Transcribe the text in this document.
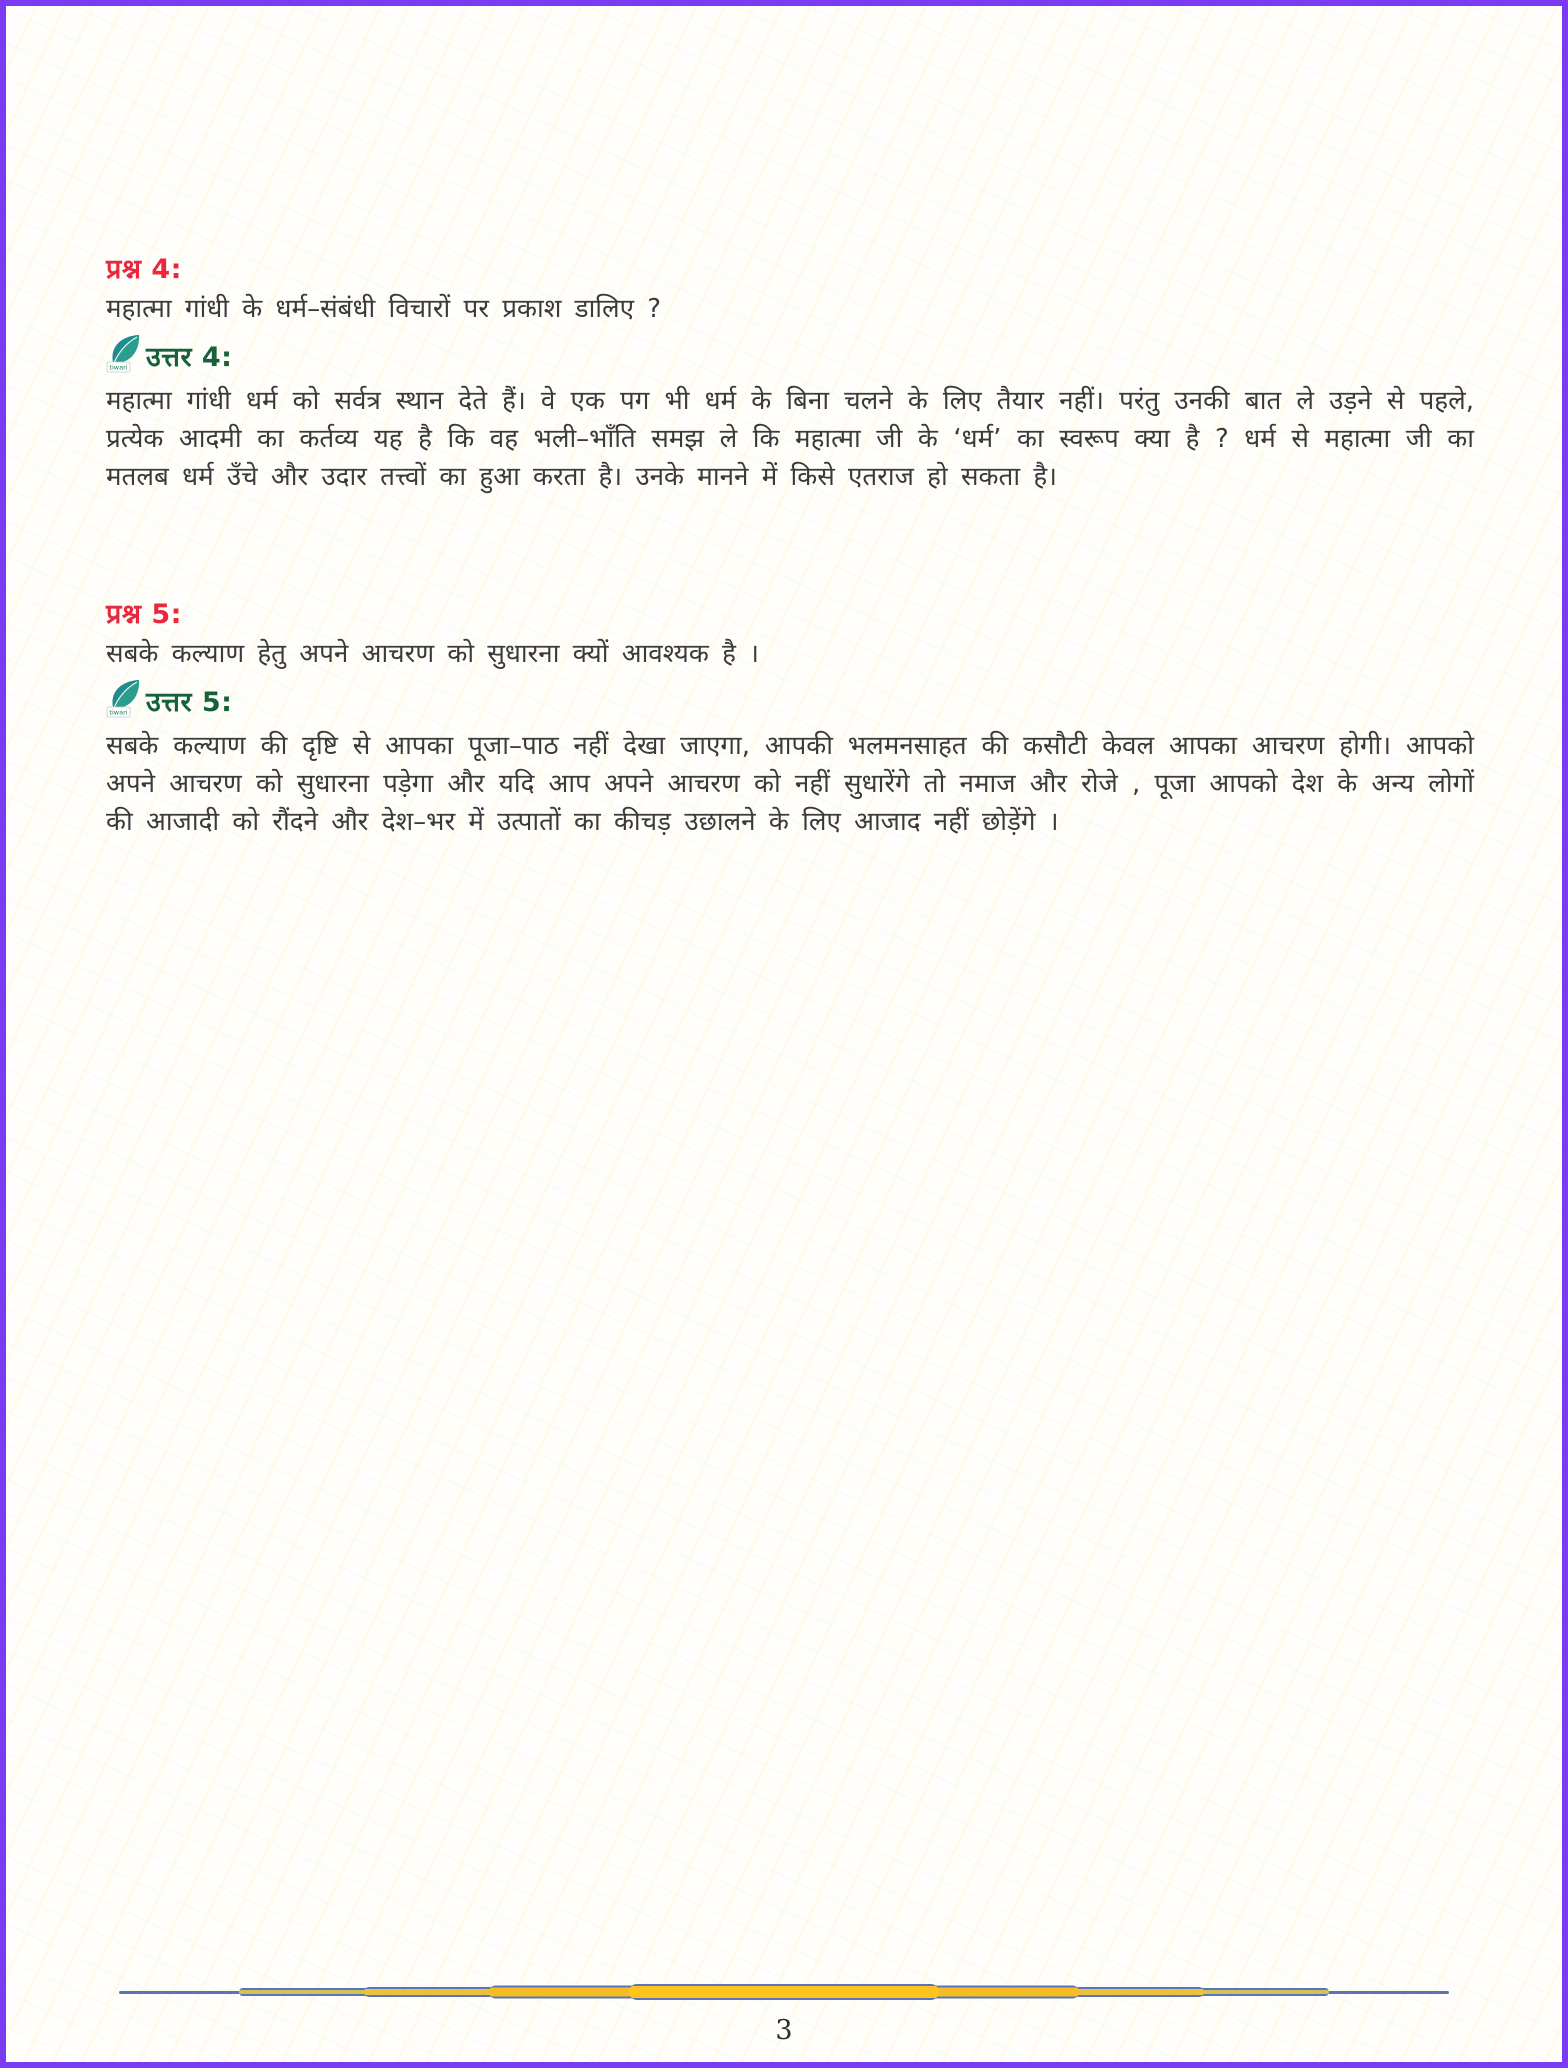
प्रश्न 4:

महात्मा गांधी के धर्म–संबंधी विचारों पर प्रकाश डालिए ?

tiwari उत्तर 4:

महात्मा गांधी धर्म को सर्वत्र स्थान देते हैं। वे एक पग भी धर्म के बिना चलने के लिए तैयार नहीं। परंतु उनकी बात ले उड़ने से पहले, प्रत्येक आदमी का कर्तव्य यह है कि वह भली–भाँति समझ ले कि महात्मा जी के ‘धर्म’ का स्वरूप क्या है ? धर्म से महात्मा जी का मतलब धर्म उँचे और उदार तत्त्वों का हुआ करता है। उनके मानने में किसे एतराज हो सकता है।

प्रश्न 5:

सबके कल्याण हेतु अपने आचरण को सुधारना क्यों आवश्यक है ।

tiwari उत्तर 5:

सबके कल्याण की दृष्टि से आपका पूजा–पाठ नहीं देखा जाएगा, आपकी भलमनसाहत की कसौटी केवल आपका आचरण होगी। आपको अपने आचरण को सुधारना पड़ेगा और यदि आप अपने आचरण को नहीं सुधारेंगे तो नमाज और रोजे , पूजा आपको देश के अन्य लोगों की आजादी को रौंदने और देश–भर में उत्पातों का कीचड़ उछालने के लिए आजाद नहीं छोड़ेंगे ।

3
